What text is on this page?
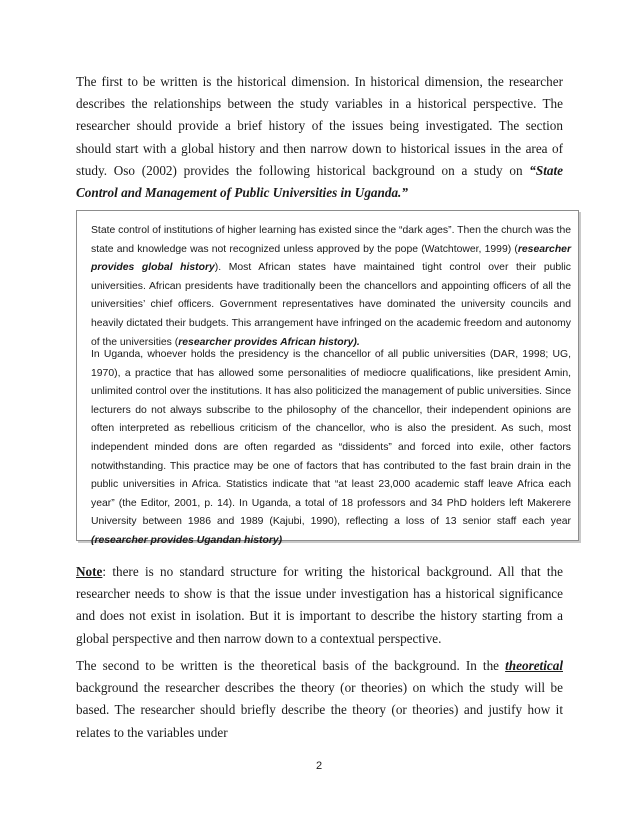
The first to be written is the historical dimension. In historical dimension, the researcher describes the relationships between the study variables in a historical perspective. The researcher should provide a brief history of the issues being investigated. The section should start with a global history and then narrow down to historical issues in the area of study. Oso (2002) provides the following historical background on a study on “State Control and Management of Public Universities in Uganda.”

State control of institutions of higher learning has existed since the “dark ages”. Then the church was the state and knowledge was not recognized unless approved by the pope (Watchtower, 1999) (researcher provides global history). Most African states have maintained tight control over their public universities. African presidents have traditionally been the chancellors and appointing officers of all the universities’ chief officers. Government representatives have dominated the university councils and heavily dictated their budgets. This arrangement have infringed on the academic freedom and autonomy of the universities (researcher provides African history).

In Uganda, whoever holds the presidency is the chancellor of all public universities (DAR, 1998; UG, 1970), a practice that has allowed some personalities of mediocre qualifications, like president Amin, unlimited control over the institutions. It has also politicized the management of public universities. Since lecturers do not always subscribe to the philosophy of the chancellor, their independent opinions are often interpreted as rebellious criticism of the chancellor, who is also the president. As such, most independent minded dons are often regarded as “dissidents” and forced into exile, other factors notwithstanding. This practice may be one of factors that has contributed to the fast brain drain in the public universities in Africa. Statistics indicate that “at least 23,000 academic staff leave Africa each year” (the Editor, 2001, p. 14). In Uganda, a total of 18 professors and 34 PhD holders left Makerere University between 1986 and 1989 (Kajubi, 1990), reflecting a loss of 13 senior staff each year (researcher provides Ugandan history)

Note: there is no standard structure for writing the historical background. All that the researcher needs to show is that the issue under investigation has a historical significance and does not exist in isolation. But it is important to describe the history starting from a global perspective and then narrow down to a contextual perspective.

The second to be written is the theoretical basis of the background. In the theoretical background the researcher describes the theory (or theories) on which the study will be based. The researcher should briefly describe the theory (or theories) and justify how it relates to the variables under

2
